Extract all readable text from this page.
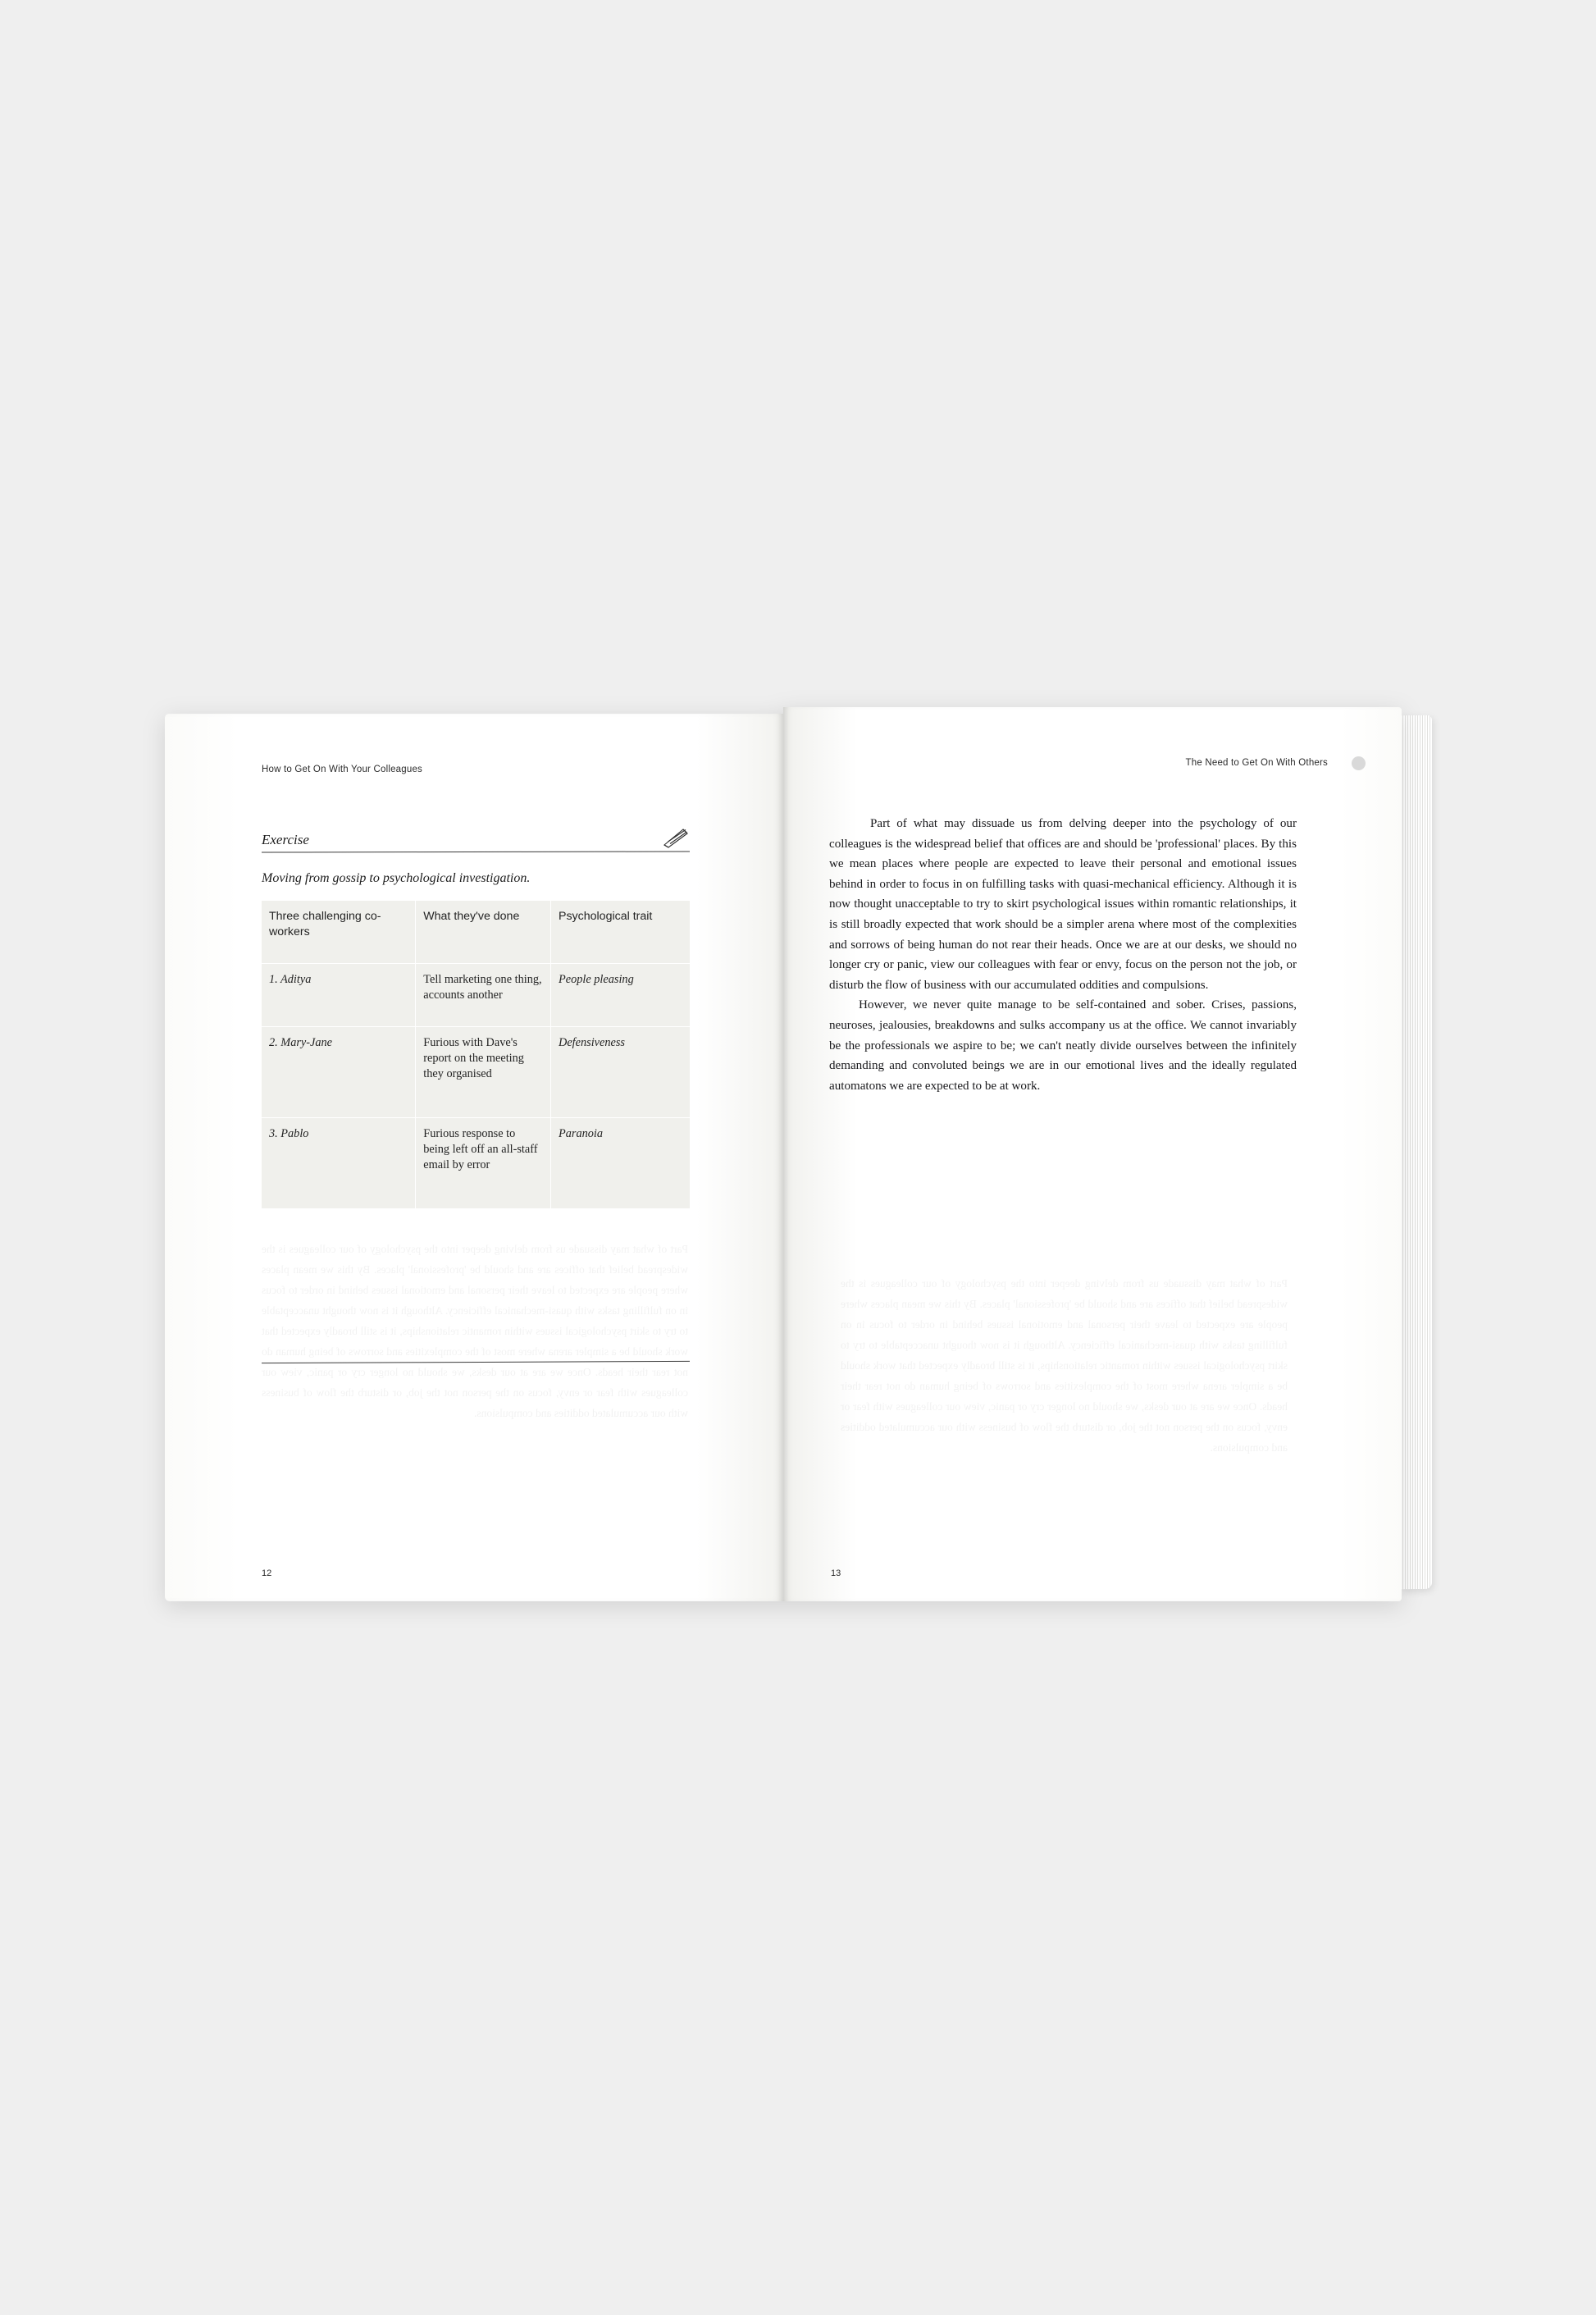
How to Get On With Your Colleagues
Exercise
Moving from gossip to psychological investigation.
Three challenging co-workers	What they've done	Psychological trait
1. Aditya	Tell marketing one thing, accounts another	People pleasing
2. Mary-Jane	Furious with Dave's report on the meeting they organised	Defensiveness
3. Pablo	Furious response to being left off an all-staff email by error	Paranoia
Part of what may dissuade us from delving deeper into the psychology of our colleagues is the widespread belief that offices are and should be 'professional' places. By this we mean places where people are expected to leave their personal and emotional issues behind in order to focus in on fulfilling tasks with quasi-mechanical efficiency. Although it is now thought unacceptable to try to skirt psychological issues within romantic relationships, it is still broadly expected that work should be a simpler arena where most of the complexities and sorrows of being human do not rear their heads. Once we are at our desks, we should no longer cry or panic, view our colleagues with fear or envy, focus on the person not the job, or disturb the flow of business with our accumulated oddities and compulsions.
12
The Need to Get On With Others

Part of what may dissuade us from delving deeper into the psychology of our colleagues is the widespread belief that offices are and should be 'professional' places. By this we mean places where people are expected to leave their personal and emotional issues behind in order to focus in on fulfilling tasks with quasi-mechanical efficiency. Although it is now thought unacceptable to try to skirt psychological issues within romantic relationships, it is still broadly expected that work should be a simpler arena where most of the complexities and sorrows of being human do not rear their heads. Once we are at our desks, we should no longer cry or panic, view our colleagues with fear or envy, focus on the person not the job, or disturb the flow of business with our accumulated oddities and compulsions.

However, we never quite manage to be self-contained and sober. Crises, passions, neuroses, jealousies, breakdowns and sulks accompany us at the office. We cannot invariably be the professionals we aspire to be; we can't neatly divide ourselves between the infinitely demanding and convoluted beings we are in our emotional lives and the ideally regulated automatons we are expected to be at work.

Part of what may dissuade us from delving deeper into the psychology of our colleagues is the widespread belief that offices are and should be 'professional' places. By this we mean places where people are expected to leave their personal and emotional issues behind in order to focus in on fulfilling tasks with quasi-mechanical efficiency. Although it is now thought unacceptable to try to skirt psychological issues within romantic relationships, it is still broadly expected that work should be a simpler arena where most of the complexities and sorrows of being human do not rear their heads. Once we are at our desks, we should no longer cry or panic, view our colleagues with fear or envy, focus on the person not the job, or disturb the flow of business with our accumulated oddities and compulsions.
13
